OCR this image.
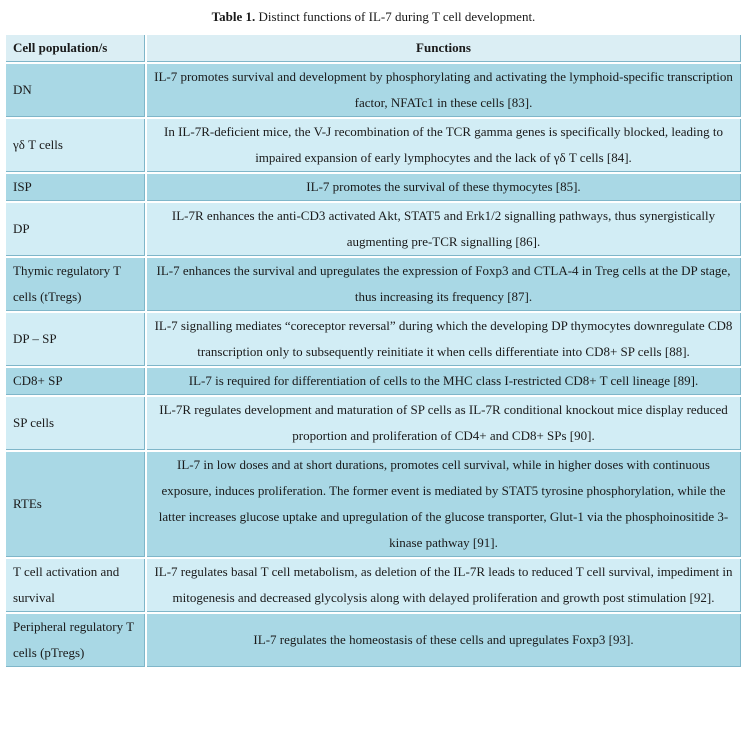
Table 1. Distinct functions of IL-7 during T cell development.
Cell population/s	Functions
DN	IL-7 promotes survival and development by phosphorylating and activating the lymphoid-specific transcription factor, NFATc1 in these cells [83].
γδ T cells	In IL-7R-deficient mice, the V-J recombination of the TCR gamma genes is specifically blocked, leading to impaired expansion of early lymphocytes and the lack of γδ T cells [84].
ISP	IL-7 promotes the survival of these thymocytes [85].
DP	IL-7R enhances the anti-CD3 activated Akt, STAT5 and Erk1/2 signalling pathways, thus synergistically augmenting pre-TCR signalling [86].
Thymic regulatory T cells (tTregs)	IL-7 enhances the survival and upregulates the expression of Foxp3 and CTLA-4 in Treg cells at the DP stage, thus increasing its frequency [87].
DP – SP	IL-7 signalling mediates “coreceptor reversal” during which the developing DP thymocytes downregulate CD8 transcription only to subsequently reinitiate it when cells differentiate into CD8+ SP cells [88].
CD8+ SP	IL-7 is required for differentiation of cells to the MHC class I-restricted CD8+ T cell lineage [89].
SP cells	IL-7R regulates development and maturation of SP cells as IL-7R conditional knockout mice display reduced proportion and proliferation of CD4+ and CD8+ SPs [90].
RTEs	IL-7 in low doses and at short durations, promotes cell survival, while in higher doses with continuous exposure, induces proliferation. The former event is mediated by STAT5 tyrosine phosphorylation, while the latter increases glucose uptake and upregulation of the glucose transporter, Glut-1 via the phosphoinositide 3-kinase pathway [91].
T cell activation and survival	IL-7 regulates basal T cell metabolism, as deletion of the IL-7R leads to reduced T cell survival, impediment in mitogenesis and decreased glycolysis along with delayed proliferation and growth post stimulation [92].
Peripheral regulatory T cells (pTregs)	IL-7 regulates the homeostasis of these cells and upregulates Foxp3 [93].
